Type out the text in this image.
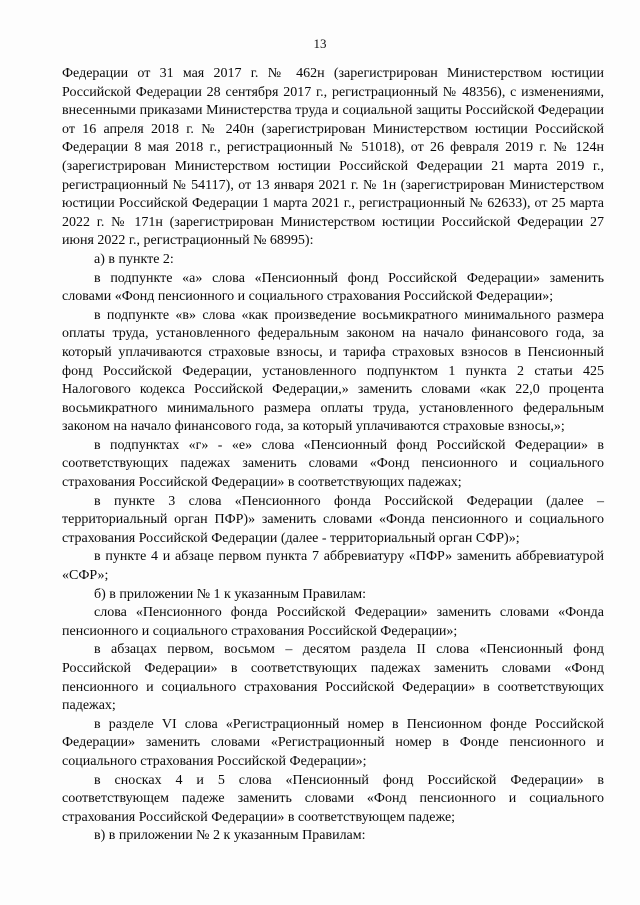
13

Федерации от 31 мая 2017 г. № 462н (зарегистрирован Министерством юстиции Российской Федерации 28 сентября 2017 г., регистрационный № 48356), с изменениями, внесенными приказами Министерства труда и социальной защиты Российской Федерации от 16 апреля 2018 г. № 240н (зарегистрирован Министерством юстиции Российской Федерации 8 мая 2018 г., регистрационный № 51018), от 26 февраля 2019 г. № 124н (зарегистрирован Министерством юстиции Российской Федерации 21 марта 2019 г., регистрационный № 54117), от 13 января 2021 г. № 1н (зарегистрирован Министерством юстиции Российской Федерации 1 марта 2021 г., регистрационный № 62633), от 25 марта 2022 г. № 171н (зарегистрирован Министерством юстиции Российской Федерации 27 июня 2022 г., регистрационный № 68995):

а) в пункте 2:

в подпункте «а» слова «Пенсионный фонд Российской Федерации» заменить словами «Фонд пенсионного и социального страхования Российской Федерации»;

в подпункте «в» слова «как произведение восьмикратного минимального размера оплаты труда, установленного федеральным законом на начало финансового года, за который уплачиваются страховые взносы, и тарифа страховых взносов в Пенсионный фонд Российской Федерации, установленного подпунктом 1 пункта 2 статьи 425 Налогового кодекса Российской Федерации,» заменить словами «как 22,0 процента восьмикратного минимального размера оплаты труда, установленного федеральным законом на начало финансового года, за который уплачиваются страховые взносы,»;

в подпунктах «г» - «е» слова «Пенсионный фонд Российской Федерации» в соответствующих падежах заменить словами «Фонд пенсионного и социального страхования Российской Федерации» в соответствующих падежах;

в пункте 3 слова «Пенсионного фонда Российской Федерации (далее – территориальный орган ПФР)» заменить словами «Фонда пенсионного и социального страхования Российской Федерации (далее - территориальный орган СФР)»;

в пункте 4 и абзаце первом пункта 7 аббревиатуру «ПФР» заменить аббревиатурой «СФР»;

б) в приложении № 1 к указанным Правилам:

слова «Пенсионного фонда Российской Федерации» заменить словами «Фонда пенсионного и социального страхования Российской Федерации»;

в абзацах первом, восьмом – десятом раздела II слова «Пенсионный фонд Российской Федерации» в соответствующих падежах заменить словами «Фонд пенсионного и социального страхования Российской Федерации» в соответствующих падежах;

в разделе VI слова «Регистрационный номер в Пенсионном фонде Российской Федерации» заменить словами «Регистрационный номер в Фонде пенсионного и социального страхования Российской Федерации»;

в сносках 4 и 5 слова «Пенсионный фонд Российской Федерации» в соответствующем падеже заменить словами «Фонд пенсионного и социального страхования Российской Федерации» в соответствующем падеже;

в) в приложении № 2 к указанным Правилам:
